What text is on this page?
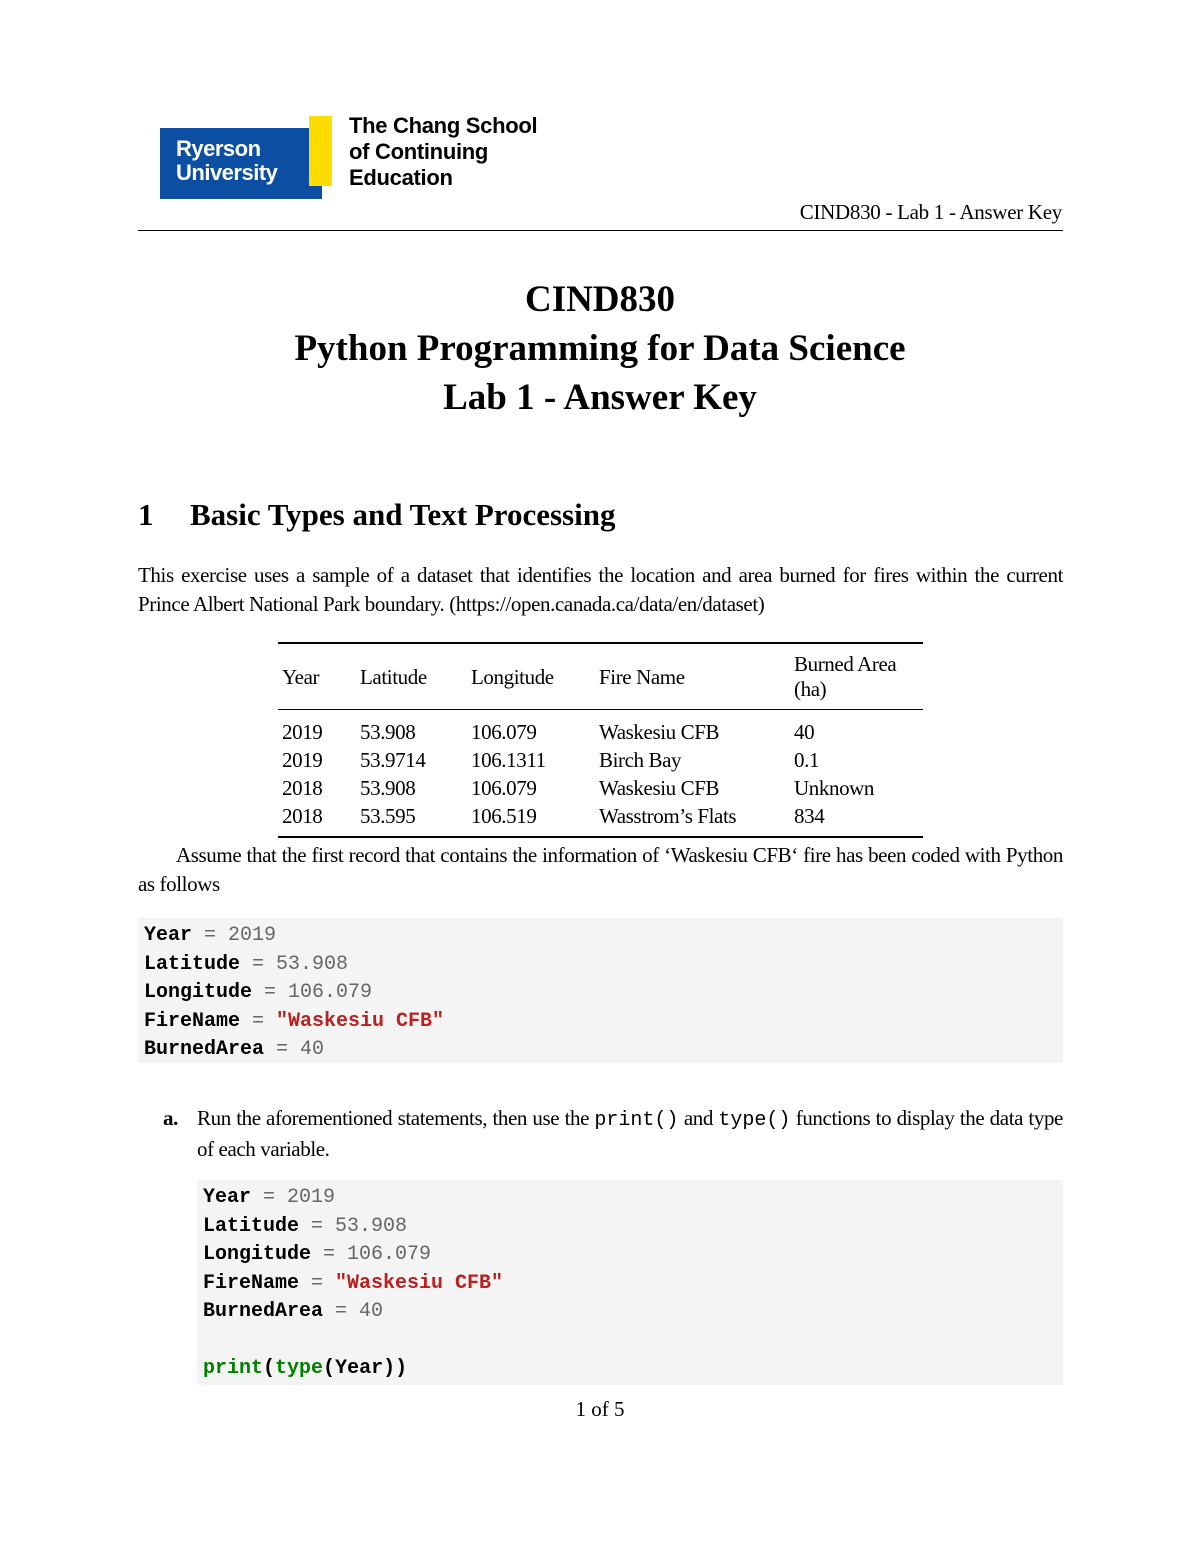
Ryerson
University
The Chang School
of Continuing
Education
CIND830 - Lab 1 - Answer Key
CIND830
Python Programming for Data Science
Lab 1 - Answer Key
1 Basic Types and Text Processing
This exercise uses a sample of a dataset that identifies the location and area burned for fires within the current Prince Albert National Park boundary. (https://open.canada.ca/data/en/dataset)
Year	Latitude	Longitude	Fire Name	Burned Area (ha)
2019	53.908	106.079	Waskesiu CFB	40
2019	53.9714	106.1311	Birch Bay	0.1
2018	53.908	106.079	Waskesiu CFB	Unknown
2018	53.595	106.519	Wasstrom’s Flats	834
Assume that the first record that contains the information of ‘Waskesiu CFB‘ fire has been coded with Python as follows
Year = 2019
Latitude = 53.908
Longitude = 106.079
FireName = "Waskesiu CFB"
BurnedArea = 40
a. Run the aforementioned statements, then use the print() and type() functions to display the data type of each variable.
Year = 2019
Latitude = 53.908
Longitude = 106.079
FireName = "Waskesiu CFB"
BurnedArea = 40
print(type(Year))
1 of 5
